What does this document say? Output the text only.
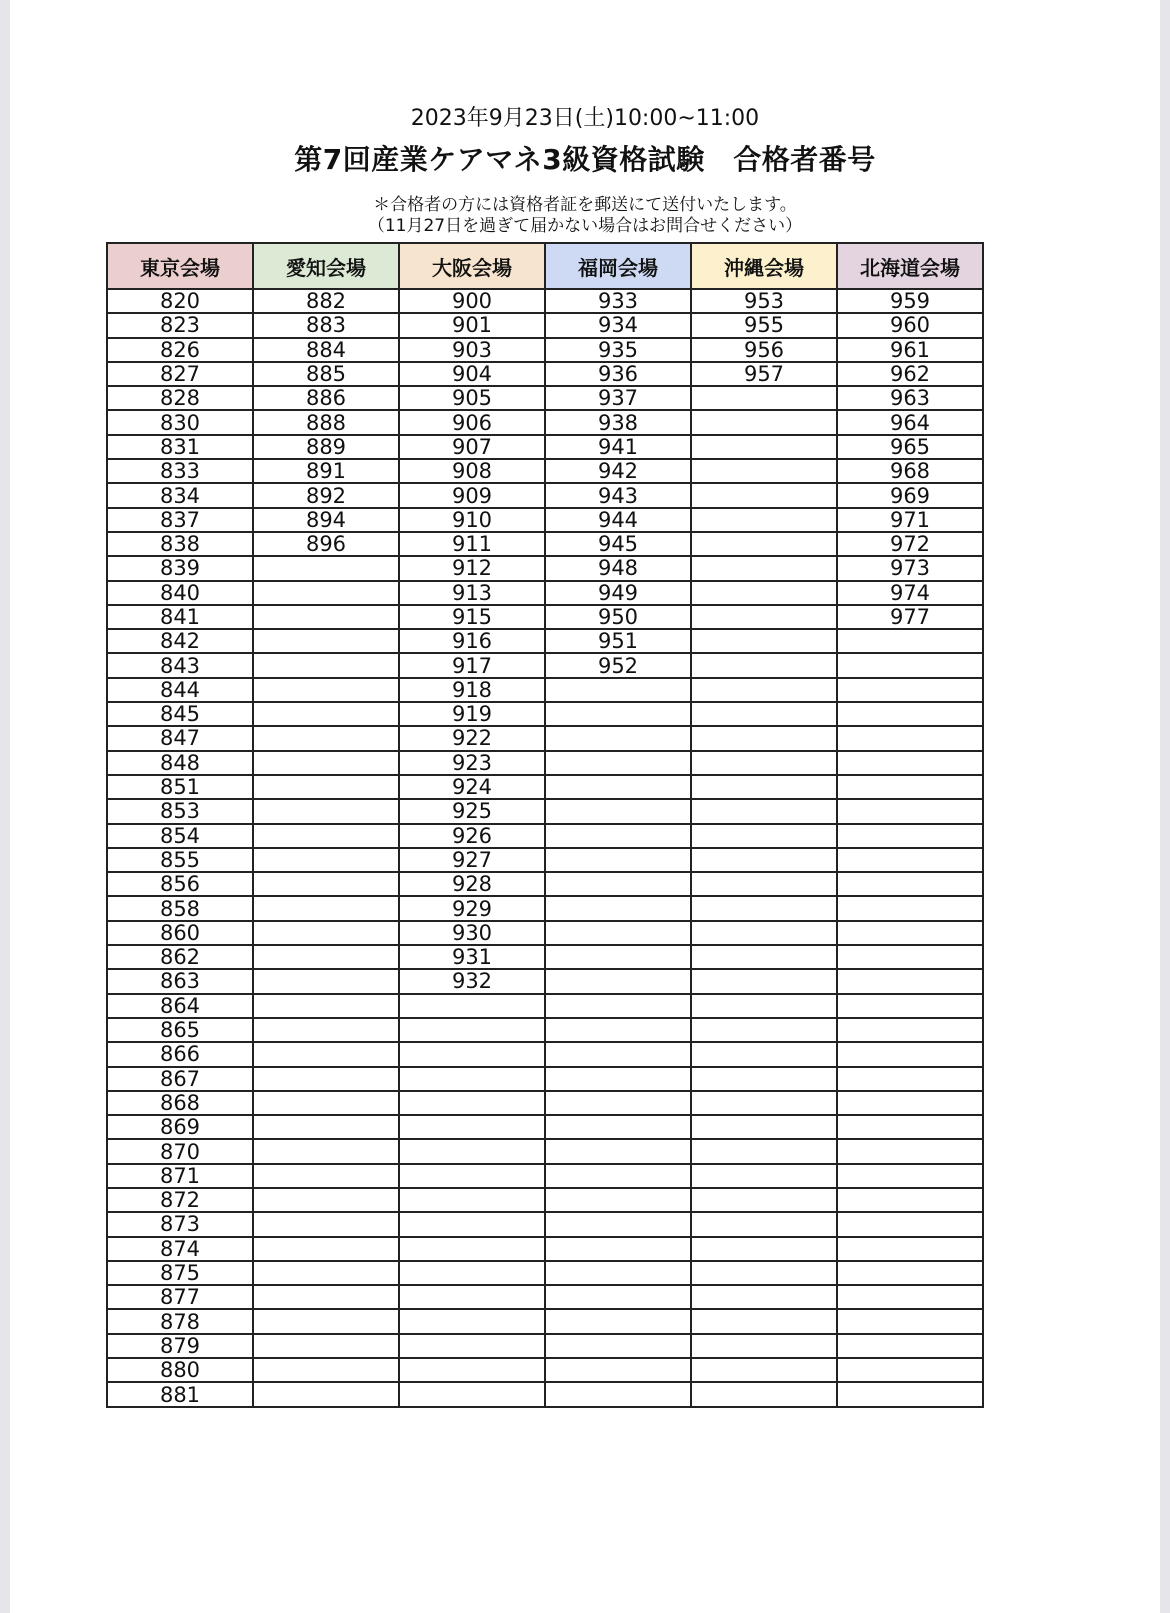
2023年9月23日(土)10:00~11:00
第7回産業ケアマネ3級資格試験　合格者番号
＊合格者の方には資格者証を郵送にて送付いたします。
（11月27日を過ぎて届かない場合はお問合せください）
東京会場	愛知会場	大阪会場	福岡会場	沖縄会場	北海道会場
820	882	900	933	953	959
823	883	901	934	955	960
826	884	903	935	956	961
827	885	904	936	957	962
828	886	905	937		963
830	888	906	938		964
831	889	907	941		965
833	891	908	942		968
834	892	909	943		969
837	894	910	944		971
838	896	911	945		972
839		912	948		973
840		913	949		974
841		915	950		977
842		916	951		
843		917	952		
844		918			
845		919			
847		922			
848		923			
851		924			
853		925			
854		926			
855		927			
856		928			
858		929			
860		930			
862		931			
863		932			
864					
865					
866					
867					
868					
869					
870					
871					
872					
873					
874					
875					
877					
878					
879					
880					
881					
